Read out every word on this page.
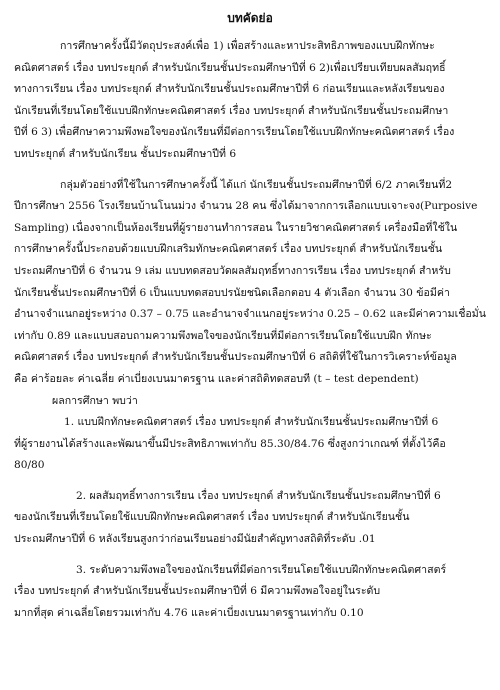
บทคัดย่อ
การศึกษาครั้งนี้มีวัตถุประสงค์เพื่อ 1) เพื่อสร้างและหาประสิทธิภาพของแบบฝึกทักษะ
คณิตศาสตร์ เรื่อง บทประยุกต์ สำหรับนักเรียนชั้นประถมศึกษาปีที่ 6 2)เพื่อเปรียบเทียบผลสัมฤทธิ์
ทางการเรียน เรื่อง บทประยุกต์ สำหรับนักเรียนชั้นประถมศึกษาปีที่ 6 ก่อนเรียนและหลังเรียนของ
นักเรียนที่เรียนโดยใช้แบบฝึกทักษะคณิตศาสตร์ เรื่อง บทประยุกต์ สำหรับนักเรียนชั้นประถมศึกษา
ปีที่ 6 3) เพื่อศึกษาความพึงพอใจของนักเรียนที่มีต่อการเรียนโดยใช้แบบฝึกทักษะคณิตศาสตร์ เรื่อง
บทประยุกต์ สำหรับนักเรียน ชั้นประถมศึกษาปีที่ 6
กลุ่มตัวอย่างที่ใช้ในการศึกษาครั้งนี้ ได้แก่ นักเรียนชั้นประถมศึกษาปีที่ 6/2 ภาคเรียนที่2
ปีการศึกษา 2556 โรงเรียนบ้านโนนม่วง จำนวน 28 คน ซึ่งได้มาจากการเลือกแบบเจาะจง(Purposive
Sampling) เนื่องจากเป็นห้องเรียนที่ผู้รายงานทำการสอน ในรายวิชาคณิตศาสตร์ เครื่องมือที่ใช้ใน
การศึกษาครั้งนี้ประกอบด้วยแบบฝึกเสริมทักษะคณิตศาสตร์ เรื่อง บทประยุกต์ สำหรับนักเรียนชั้น
ประถมศึกษาปีที่ 6 จำนวน 9 เล่ม แบบทดสอบวัดผลสัมฤทธิ์ทางการเรียน เรื่อง บทประยุกต์ สำหรับ
นักเรียนชั้นประถมศึกษาปีที่ 6 เป็นแบบทดสอบปรนัยชนิดเลือกตอบ 4 ตัวเลือก จำนวน 30 ข้อมีค่า
อำนาจจำแนกอยู่ระหว่าง 0.37 – 0.75 และอำนาจจำแนกอยู่ระหว่าง 0.25 – 0.62 และมีค่าความเชื่อมั่น
เท่ากับ 0.89 และแบบสอบถามความพึงพอใจของนักเรียนที่มีต่อการเรียนโดยใช้แบบฝึก ทักษะ
คณิตศาสตร์ เรื่อง บทประยุกต์ สำหรับนักเรียนชั้นประถมศึกษาปีที่ 6 สถิติที่ใช้ในการวิเคราะห์ข้อมูล
คือ ค่าร้อยละ ค่าเฉลี่ย ค่าเบี่ยงเบนมาตรฐาน และค่าสถิติทดสอบที (t – test dependent)
ผลการศึกษา พบว่า
1. แบบฝึกทักษะคณิตศาสตร์ เรื่อง บทประยุกต์ สำหรับนักเรียนชั้นประถมศึกษาปีที่ 6
ที่ผู้รายงานได้สร้างและพัฒนาขึ้นมีประสิทธิภาพเท่ากับ 85.30/84.76 ซึ่งสูงกว่าเกณฑ์ ที่ตั้งไว้คือ
80/80
2. ผลสัมฤทธิ์ทางการเรียน เรื่อง บทประยุกต์ สำหรับนักเรียนชั้นประถมศึกษาปีที่ 6
ของนักเรียนที่เรียนโดยใช้แบบฝึกทักษะคณิตศาสตร์ เรื่อง บทประยุกต์ สำหรับนักเรียนชั้น
ประถมศึกษาปีที่ 6 หลังเรียนสูงกว่าก่อนเรียนอย่างมีนัยสำคัญทางสถิติที่ระดับ .01
3. ระดับความพึงพอใจของนักเรียนที่มีต่อการเรียนโดยใช้แบบฝึกทักษะคณิตศาสตร์
เรื่อง บทประยุกต์ สำหรับนักเรียนชั้นประถมศึกษาปีที่ 6 มีความพึงพอใจอยู่ในระดับ
มากที่สุด ค่าเฉลี่ยโดยรวมเท่ากับ 4.76 และค่าเบี่ยงเบนมาตรฐานเท่ากับ 0.10
